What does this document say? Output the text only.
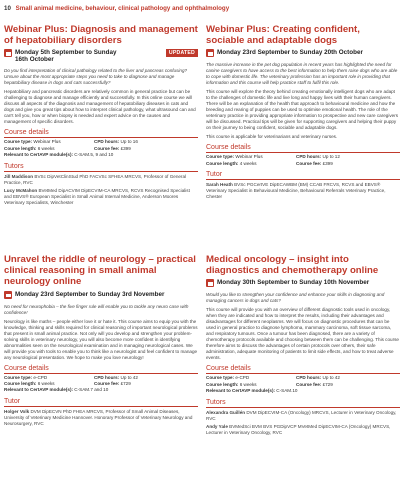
10 Small animal medicine, behaviour, clinical pathology and ophthalmology
Webinar Plus: Diagnosis and management of hepatobiliary disorders
Monday 5th September to Sunday 16th October
UPDATED
Do you find interpretation of clinical pathology related to the liver and pancreas confusing? Unsure about the most appropriate steps you need to take to diagnose and manage hepatobiliary disease in dogs and cats successfully?
Hepatobiliary and pancreatic disorders are relatively common in general practice but can be challenging to diagnose and manage efficiently and successfully. In this online course we will discuss all aspects of the diagnosis and management of hepatobiliary diseases in cats and dogs and give you great tips about how to interpret clinical pathology, what ultrasound can and can't tell you, how or when biopsy is needed and expert advice on the causes and management of specific disorders.
Course details
Course type: Webinar Plus	CPD hours: Up to 16
Course length: 6 weeks	Course fee: £399
Relevant to CertAVP module(s): C-SAM.5, 9 and 10
Tutors
Jill Maddison BVSc DipVetClinStud PhD FACVSc SFHEA MRCVS, Professor of General Practice, RVC
Lucy McMahon BVetMed DipACVIM DipECVIM-CA MRCVS, RCVS Recognised Specialist and EBVS® European Specialist in Small Animal Internal Medicine, Anderson Moores Veterinary Specialists, Winchester
Webinar Plus: Creating confident, sociable and adaptable dogs
Monday 23rd September to Sunday 20th October
The massive increase in the pet dog population in recent years has highlighted the need for canine caregivers to have access to the best information to help them raise dogs who are able to cope with domestic life. The veterinary profession has an important role in providing that information and this course will help practice staff to fulfil this role.
This course will explore the theory behind creating emotionally intelligent dogs who are adapt to the challenges of domestic life and live long and happy lives with their human caregivers. There will be an explanation of the health that approach to behavioural medicine and how the breeding and rearing of puppies can be used to optimise emotional health. The role of the veterinary practice in providing appropriate information to prospective and new care caregivers will be discussed. Practical tips will be given for supporting caregivers and helping their puppy on their journey to being confident, sociable and adaptable dogs.
This course is applicable for veterinarians and veterinary nurses.
Course details
Course type: Webinar Plus	CPD hours: Up to 12
Course length: 4 weeks	Course fee: £399
Tutor
Sarah Heath BVSc PGCertVE DipECAWBM (BM) CCAB FRCVS, RCVS and EBVS® Veterinary Specialist in Behavioural Medicine, Behavioural Referrals Veterinary Practice, Chester
Unravel the riddle of neurology – practical clinical reasoning in small animal neurology online
Monday 23rd September to Sunday 3rd November
No need for neurophobia – the five finger rule will enable you to tackle any neuro case with confidence!
Neurology is like maths – people either love it or hate it. This course aims to equip you with the knowledge, thinking and skills required for clinical reasoning of important neurological problems that present in small animal practice. Not only will you develop and strengthen your problem-solving skills in veterinary neurology, you will also become more confident in identifying abnormalities seen on the neurological examination and in managing neurological cases. We will provide you with tools to enable you to think like a neurologist and feel confident to manage any neurological presentation. We hope to make you love neurology!
Course details
Course type: e-CPD	CPD hours: Up to 42
Course length: 6 weeks	Course fee: £729
Relevant to CertAVP module(s): C-SAM.7 and 10
Tutor
Holger Volk DVM DipECVN PhD FHEA MRCVS, Professor of Small Animal Diseases, University of Veterinary Medicine Hannover. Honorary Professor of Veterinary Neurology and Neurosurgery, RVC
Medical oncology – insight into diagnostics and chemotherapy online
Monday 30th September to Sunday 10th November
Would you like to strengthen your confidence and enhance your skills in diagnosing and managing cancers in dogs and cats?
This course will provide you with an overview of different diagnostic tools used in oncology, when they are indicated and how to interpret the results, including their advantages and disadvantages for different neoplasms. We will focus on diagnostic procedures that can be used in general practice to diagnose lymphoma, mammary carcinoma, soft tissue sarcoma, and respiratory tumours. Once a tumour has been diagnosed, there are a variety of chemotherapy protocols available and choosing between them can be challenging. This course therefore aims to discuss the advantages of certain protocols over others, their safe administration, adequate monitoring of patients to limit side effects, and how to treat adverse events.
Course details
Course type: e-CPD	CPD hours: Up to 42
Course length: 6 weeks	Course fee: £729
Relevant to CertAVP module(s): C-SAM.10
Tutors
Alexandra Guillén DVM DipECVIM-CA (Oncology) MRCVS, Lecturer in Veterinary Oncology, RVC
Andy Yale BVMedSci BVM BVS PGDipVCP MVetMed DipECVIM-CA (Oncology) MRCVS, Lecturer in Veterinary Oncology, RVC
